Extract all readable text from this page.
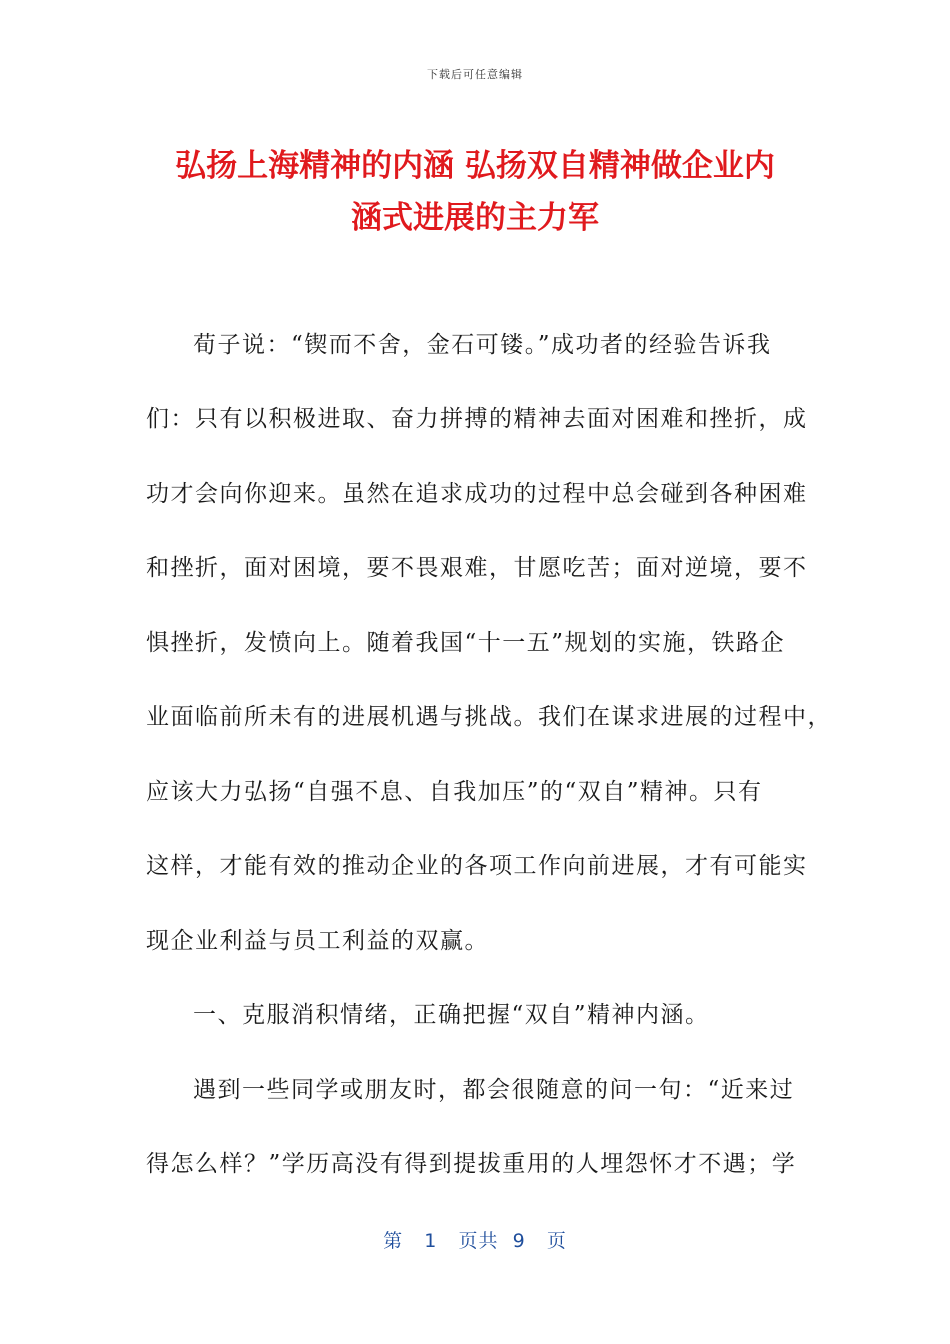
下载后可任意编辑
弘扬上海精神的内涵 弘扬双自精神做企业内
涵式进展的主力军
荀子说：“锲而不舍，金石可镂。”成功者的经验告诉我
们：只有以积极进取、奋力拼搏的精神去面对困难和挫折，成
功才会向你迎来。虽然在追求成功的过程中总会碰到各种困难
和挫折，面对困境，要不畏艰难，甘愿吃苦；面对逆境，要不
惧挫折，发愤向上。随着我国“十一五”规划的实施，铁路企
业面临前所未有的进展机遇与挑战。我们在谋求进展的过程中，
应该大力弘扬“自强不息、自我加压”的“双自”精神。只有
这样，才能有效的推动企业的各项工作向前进展，才有可能实
现企业利益与员工利益的双赢。
一、克服消积情绪，正确把握“双自”精神内涵。
遇到一些同学或朋友时，都会很随意的问一句：“近来过
得怎么样？”学历高没有得到提拔重用的人埋怨怀才不遇；学
第 1 页共 9 页
